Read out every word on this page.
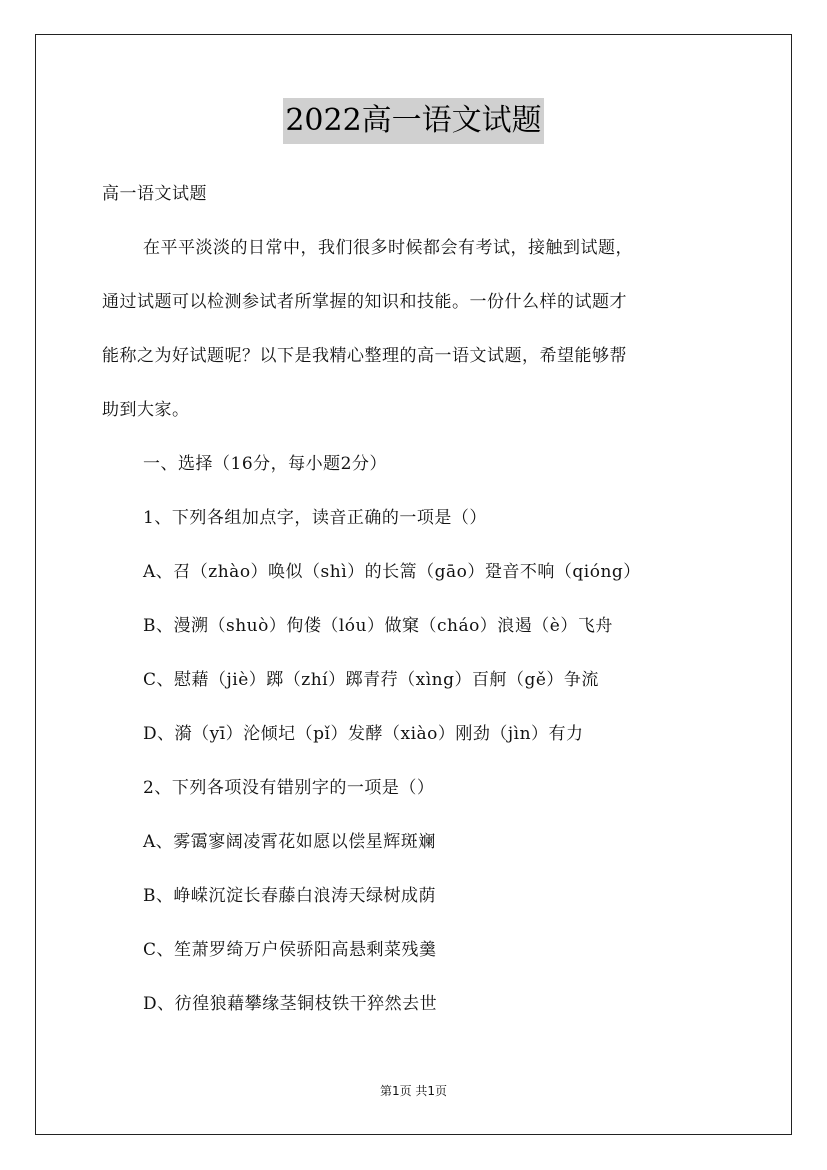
2022高一语文试题
高一语文试题
在平平淡淡的日常中，我们很多时候都会有考试，接触到试题，
通过试题可以检测参试者所掌握的知识和技能。一份什么样的试题才
能称之为好试题呢？以下是我精心整理的高一语文试题，希望能够帮
助到大家。
一、选择（16分，每小题2分）
1、下列各组加点字，读音正确的一项是（）
A、召（zhào）唤似（shì）的长篙（gāo）跫音不响（qióng）
B、漫溯（shuò）佝偻（lóu）做窠（cháo）浪遏（è）飞舟
C、慰藉（jiè）踯（zhí）踯青荇（xìng）百舸（gě）争流
D、漪（yī）沦倾圮（pǐ）发酵（xiào）刚劲（jìn）有力
2、下列各项没有错别字的一项是（）
A、雾霭寥阔凌霄花如愿以偿星辉斑斓
B、峥嵘沉淀长春藤白浪涛天绿树成荫
C、笙萧罗绮万户侯骄阳高悬剩菜残羹
D、彷徨狼藉攀缘茎铜枝铁干猝然去世
第1页 共1页
